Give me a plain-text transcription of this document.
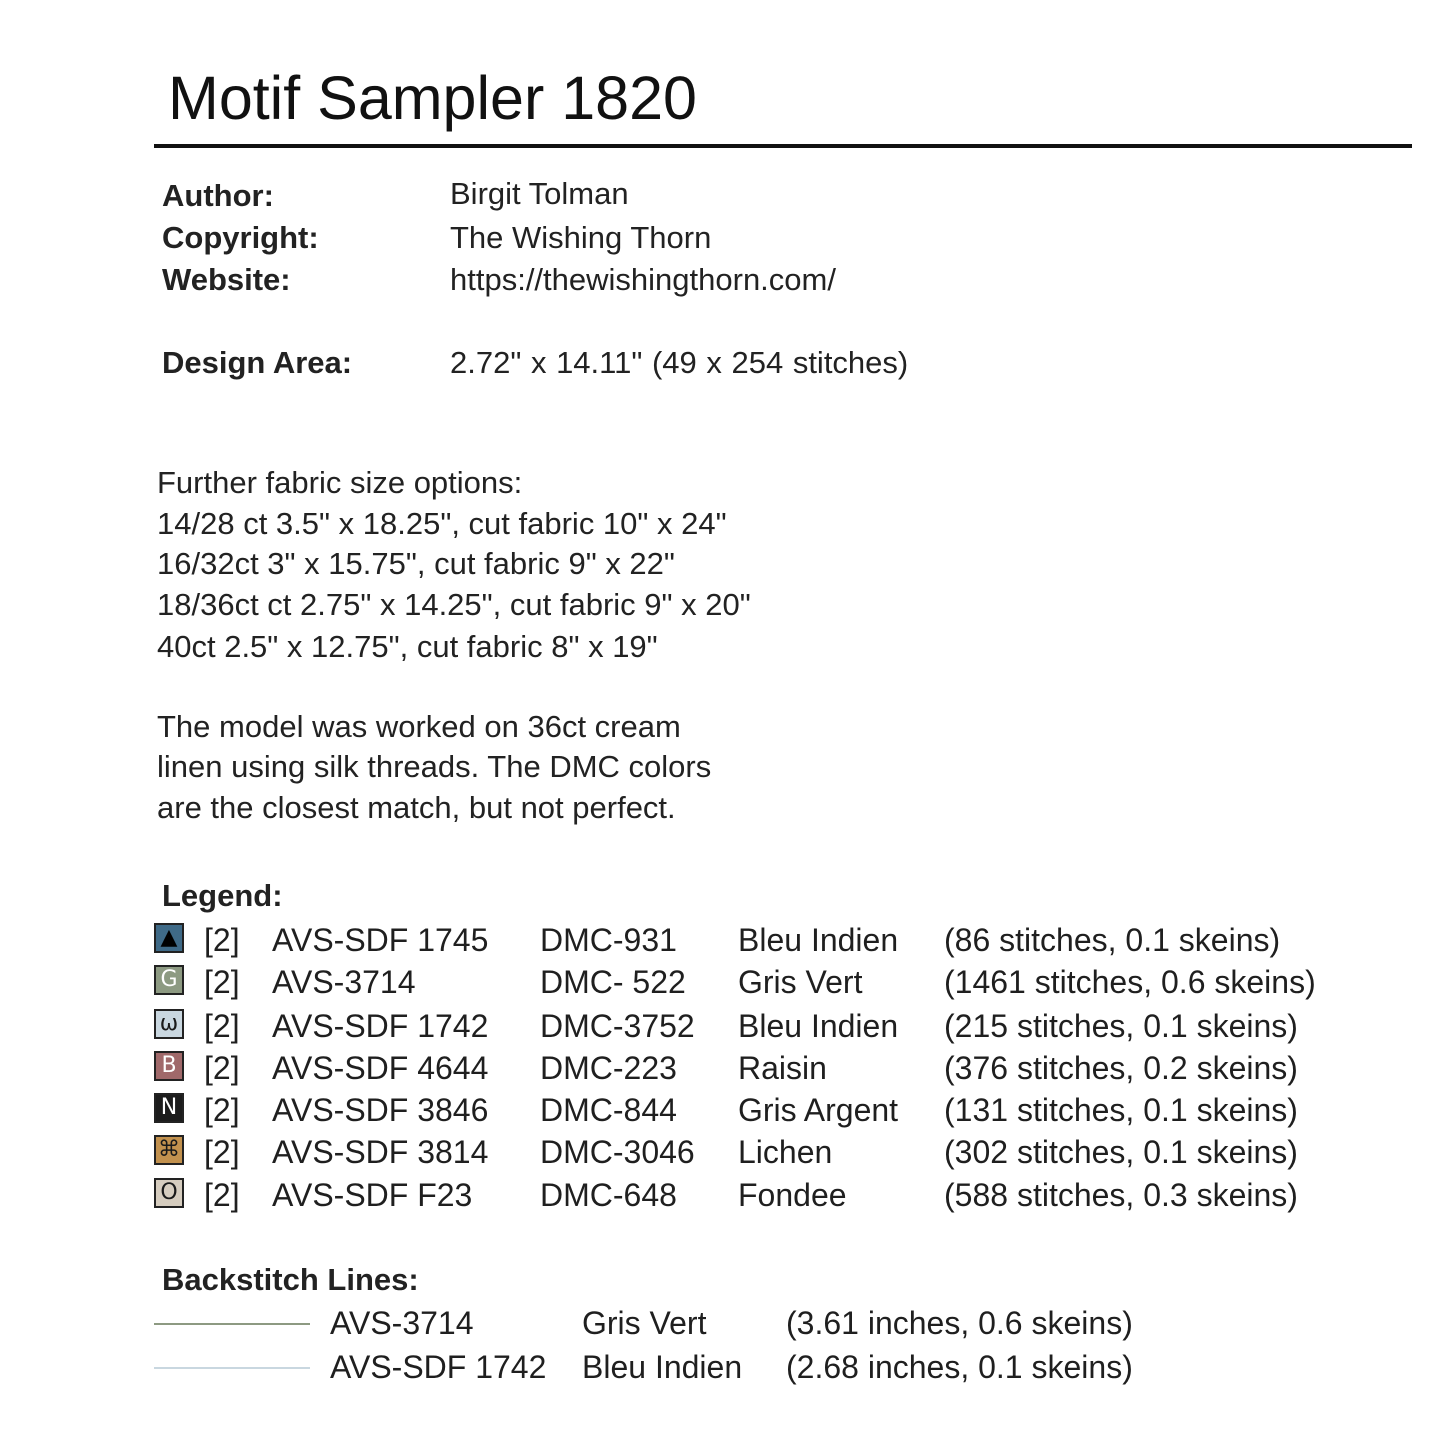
Motif Sampler 1820
Author:	Birgit Tolman
Copyright:	The Wishing Thorn
Website:	https://thewishingthorn.com/
Design Area:	2.72" x 14.11" (49 x 254 stitches)
Further fabric size options:
14/28 ct 3.5" x 18.25", cut fabric 10" x 24"
16/32ct 3" x 15.75", cut fabric 9" x 22"
18/36ct ct 2.75" x 14.25", cut fabric 9" x 20"
40ct 2.5" x 12.75", cut fabric 8" x 19"
The model was worked on 36ct cream
linen using silk threads. The DMC colors
are the closest match, but not perfect.
Legend:
▲ [2] AVS-SDF 1745 DMC-931 Bleu Indien (86 stitches, 0.1 skeins)
G [2] AVS-3714	DMC- 522 Gris Vert	(1461 stitches, 0.6 skeins)
ω [2] AVS-SDF 1742 DMC-3752 Bleu Indien (215 stitches, 0.1 skeins)
B [2] AVS-SDF 4644 DMC-223 Raisin	(376 stitches, 0.2 skeins)
N [2] AVS-SDF 3846 DMC-844 Gris Argent (131 stitches, 0.1 skeins)
⌘ [2] AVS-SDF 3814 DMC-3046 Lichen	(302 stitches, 0.1 skeins)
O [2] AVS-SDF F23 DMC-648 Fondee	(588 stitches, 0.3 skeins)
Backstitch Lines:
AVS-3714	Gris Vert (3.61 inches, 0.6 skeins)
AVS-SDF 1742 Bleu Indien (2.68 inches, 0.1 skeins)
